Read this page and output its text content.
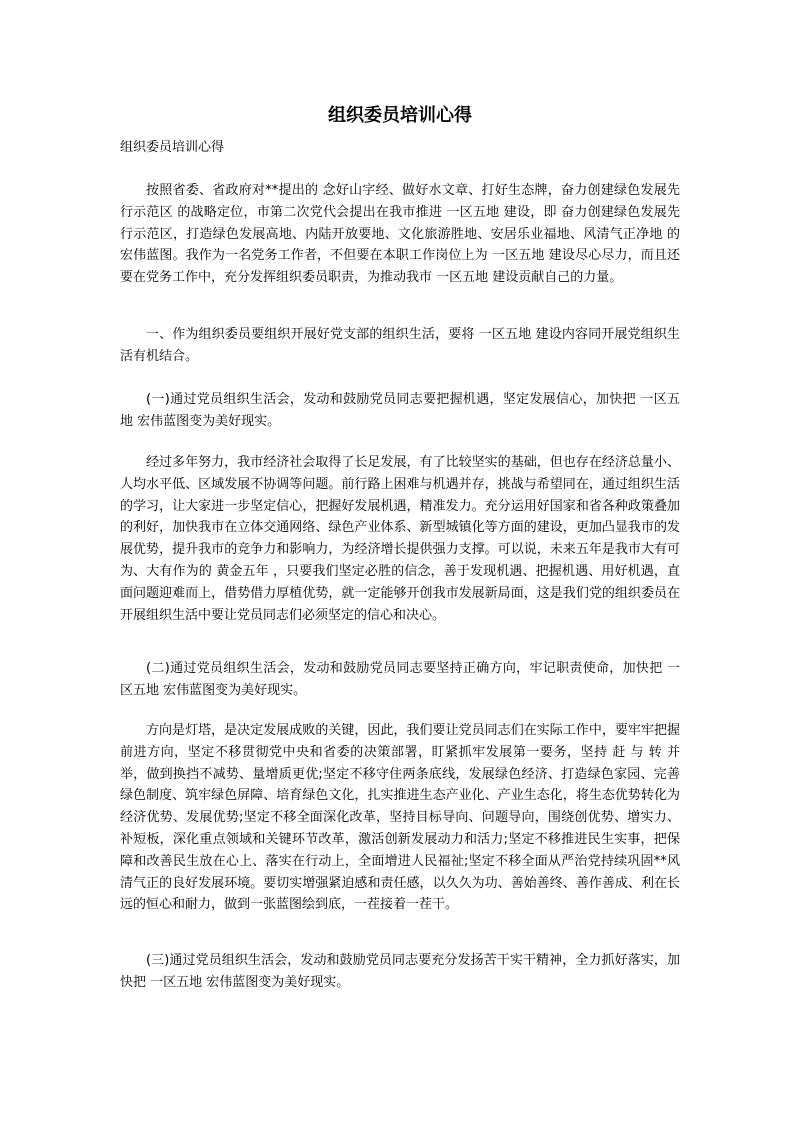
组织委员培训心得

组织委员培训心得

按照省委、省政府对**提出的 念好山字经、做好水文章、打好生态牌，奋力创建绿色发展先行示范区 的战略定位，市第二次党代会提出在我市推进 一区五地 建设，即 奋力创建绿色发展先行示范区，打造绿色发展高地、内陆开放要地、文化旅游胜地、安居乐业福地、风清气正净地 的宏伟蓝图。我作为一名党务工作者，不但要在本职工作岗位上为 一区五地 建设尽心尽力，而且还要在党务工作中，充分发挥组织委员职责，为推动我市 一区五地 建设贡献自己的力量。

一、作为组织委员要组织开展好党支部的组织生活，要将 一区五地 建设内容同开展党组织生活有机结合。

(一)通过党员组织生活会，发动和鼓励党员同志要把握机遇，坚定发展信心，加快把 一区五地 宏伟蓝图变为美好现实。

经过多年努力，我市经济社会取得了长足发展，有了比较坚实的基础，但也存在经济总量小、人均水平低、区域发展不协调等问题。前行路上困难与机遇并存，挑战与希望同在，通过组织生活的学习，让大家进一步坚定信心，把握好发展机遇，精准发力。充分运用好国家和省各种政策叠加的利好，加快我市在立体交通网络、绿色产业体系、新型城镇化等方面的建设，更加凸显我市的发展优势，提升我市的竞争力和影响力，为经济增长提供强力支撑。可以说，未来五年是我市大有可为、大有作为的 黄金五年 ，只要我们坚定必胜的信念，善于发现机遇、把握机遇、用好机遇，直面问题迎难而上，借势借力厚植优势，就一定能够开创我市发展新局面，这是我们党的组织委员在开展组织生活中要让党员同志们必须坚定的信心和决心。

(二)通过党员组织生活会，发动和鼓励党员同志要坚持正确方向，牢记职责使命，加快把 一区五地 宏伟蓝图变为美好现实。

方向是灯塔，是决定发展成败的关键，因此，我们要让党员同志们在实际工作中，要牢牢把握前进方向，坚定不移贯彻党中央和省委的决策部署，盯紧抓牢发展第一要务，坚持 赶 与 转 并举，做到换挡不减势、量增质更优;坚定不移守住两条底线，发展绿色经济、打造绿色家园、完善绿色制度、筑牢绿色屏障、培育绿色文化，扎实推进生态产业化、产业生态化，将生态优势转化为经济优势、发展优势;坚定不移全面深化改革，坚持目标导向、问题导向，围绕创优势、增实力、补短板，深化重点领域和关键环节改革，激活创新发展动力和活力;坚定不移推进民生实事，把保障和改善民生放在心上、落实在行动上，全面增进人民福祉;坚定不移全面从严治党持续巩固**风清气正的良好发展环境。要切实增强紧迫感和责任感，以久久为功、善始善终、善作善成、利在长远的恒心和耐力，做到一张蓝图绘到底，一茬接着一茬干。

(三)通过党员组织生活会，发动和鼓励党员同志要充分发扬苦干实干精神，全力抓好落实，加快把 一区五地 宏伟蓝图变为美好现实。
